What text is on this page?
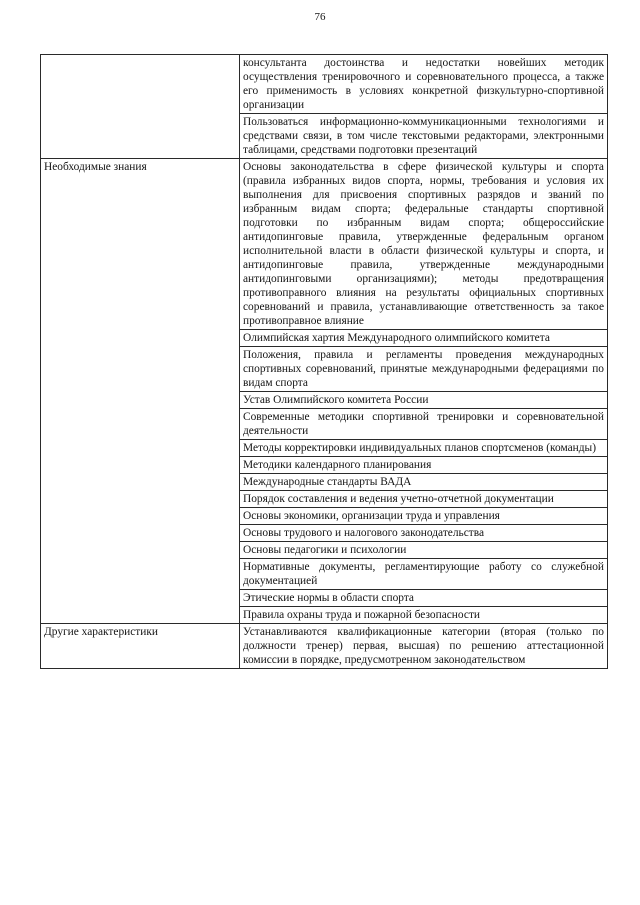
76
	консультанта достоинства и недостатки новейших методик осуществления тренировочного и соревновательного процесса, а также его применимость в условиях конкретной физкультурно-спортивной организации
	Пользоваться информационно-коммуникационными технологиями и средствами связи, в том числе текстовыми редакторами, электронными таблицами, средствами подготовки презентаций
Необходимые знания	Основы законодательства в сфере физической культуры и спорта (правила избранных видов спорта, нормы, требования и условия их выполнения для присвоения спортивных разрядов и званий по избранным видам спорта; федеральные стандарты спортивной подготовки по избранным видам спорта; общероссийские антидопинговые правила, утвержденные федеральным органом исполнительной власти в области физической культуры и спорта, и антидопинговые правила, утвержденные международными антидопинговыми организациями); методы предотвращения противоправного влияния на результаты официальных спортивных соревнований и правила, устанавливающие ответственность за такое противоправное влияние
	Олимпийская хартия Международного олимпийского комитета
	Положения, правила и регламенты проведения международных спортивных соревнований, принятые международными федерациями по видам спорта
	Устав Олимпийского комитета России
	Современные методики спортивной тренировки и соревновательной деятельности
	Методы корректировки индивидуальных планов спортсменов (команды)
	Методики календарного планирования
	Международные стандарты ВАДА
	Порядок составления и ведения учетно-отчетной документации
	Основы экономики, организации труда и управления
	Основы трудового и налогового законодательства
	Основы педагогики и психологии
	Нормативные документы, регламентирующие работу со служебной документацией
	Этические нормы в области спорта
	Правила охраны труда и пожарной безопасности
Другие характеристики	Устанавливаются квалификационные категории (вторая (только по должности тренер) первая, высшая) по решению аттестационной комиссии в порядке, предусмотренном законодательством
